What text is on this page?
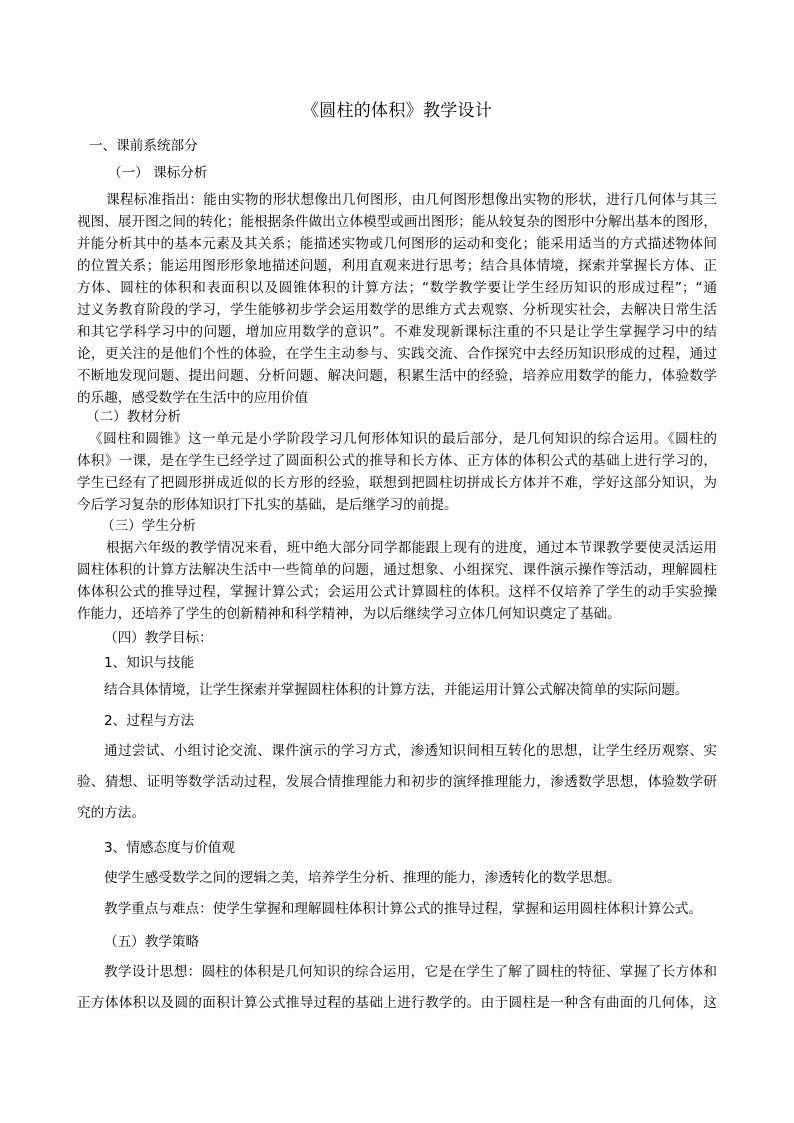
《圆柱的体积》教学设计
一、课前系统部分
（一） 课标分析
课程标准指出：能由实物的形状想像出几何图形，由几何图形想像出实物的形状，进行几何体与其三
视图、展开图之间的转化；能根据条件做出立体模型或画出图形；能从较复杂的图形中分解出基本的图形，
并能分析其中的基本元素及其关系；能描述实物或几何图形的运动和变化；能采用适当的方式描述物体间
的位置关系；能运用图形形象地描述问题，利用直观来进行思考；结合具体情境，探索并掌握长方体、正
方体、圆柱的体积和表面积以及圆锥体积的计算方法；“数学教学要让学生经历知识的形成过程”；“通
过义务教育阶段的学习，学生能够初步学会运用数学的思维方式去观察、分析现实社会，去解决日常生活
和其它学科学习中的问题，增加应用数学的意识”。不难发现新课标注重的不只是让学生掌握学习中的结
论，更关注的是他们个性的体验，在学生主动参与、实践交流、合作探究中去经历知识形成的过程，通过
不断地发现问题、提出问题、分析问题、解决问题，积累生活中的经验，培养应用数学的能力，体验数学
的乐趣，感受数学在生活中的应用价值
（二）教材分析
《圆柱和圆锥》这一单元是小学阶段学习几何形体知识的最后部分，是几何知识的综合运用。《圆柱的
体积》一课，是在学生已经学过了圆面积公式的推导和长方体、正方体的体积公式的基础上进行学习的，
学生已经有了把圆形拼成近似的长方形的经验，联想到把圆柱切拼成长方体并不难，学好这部分知识，为
今后学习复杂的形体知识打下扎实的基础，是后继学习的前提。
（三）学生分析
根据六年级的教学情况来看，班中绝大部分同学都能跟上现有的进度，通过本节课教学要使灵活运用
圆柱体积的计算方法解决生活中一些简单的问题，通过想象、小组探究、课件演示操作等活动，理解圆柱
体体积公式的推导过程，掌握计算公式；会运用公式计算圆柱的体积。这样不仅培养了学生的动手实验操
作能力，还培养了学生的创新精神和科学精神，为以后继续学习立体几何知识奠定了基础。
（四）教学目标：
1、知识与技能
结合具体情境，让学生探索并掌握圆柱体积的计算方法，并能运用计算公式解决简单的实际问题。
2、过程与方法
通过尝试、小组讨论交流、课件演示的学习方式，渗透知识间相互转化的思想，让学生经历观察、实
验、猜想、证明等数学活动过程，发展合情推理能力和初步的演绎推理能力，渗透数学思想，体验数学研
究的方法。
3、情感态度与价值观
使学生感受数学之间的逻辑之美，培养学生分析、推理的能力，渗透转化的数学思想。
教学重点与难点：使学生掌握和理解圆柱体积计算公式的推导过程，掌握和运用圆柱体积计算公式。
（五）教学策略
教学设计思想：圆柱的体积是几何知识的综合运用，它是在学生了解了圆柱的特征、掌握了长方体和
正方体体积以及圆的面积计算公式推导过程的基础上进行教学的。由于圆柱是一种含有曲面的几何体，这
